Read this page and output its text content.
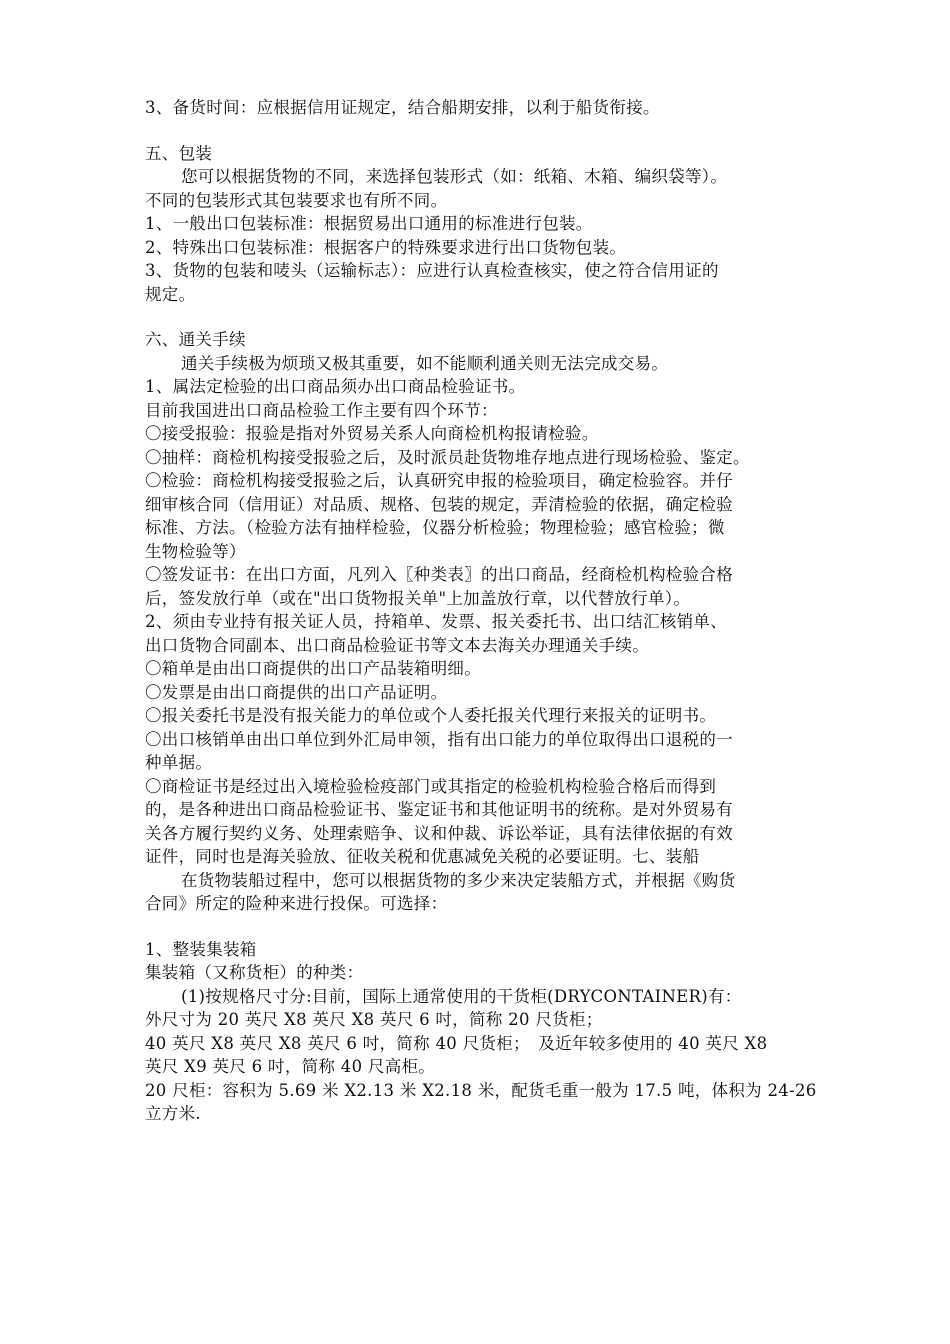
3、备货时间：应根据信用证规定，结合船期安排，以利于船货衔接。
五、包装
您可以根据货物的不同，来选择包装形式（如：纸箱、木箱、编织袋等）。
不同的包装形式其包装要求也有所不同。
1、一般出口包装标准：根据贸易出口通用的标准进行包装。
2、特殊出口包装标准：根据客户的特殊要求进行出口货物包装。
3、货物的包装和唛头（运输标志）：应进行认真检查核实，使之符合信用证的
规定。
六、通关手续
通关手续极为烦琐又极其重要，如不能顺利通关则无法完成交易。
1、属法定检验的出口商品须办出口商品检验证书。
目前我国进出口商品检验工作主要有四个环节：
〇接受报验：报验是指对外贸易关系人向商检机构报请检验。
〇抽样：商检机构接受报验之后，及时派员赴货物堆存地点进行现场检验、鉴定。
〇检验：商检机构接受报验之后，认真研究申报的检验项目，确定检验容。并仔
细审核合同（信用证）对品质、规格、包装的规定，弄清检验的依据，确定检验
标准、方法。（检验方法有抽样检验，仪器分析检验；物理检验；感官检验；微
生物检验等）
〇签发证书：在出口方面，凡列入〖种类表〗的出口商品，经商检机构检验合格
后，签发放行单（或在"出口货物报关单"上加盖放行章，以代替放行单）。
2、须由专业持有报关证人员，持箱单、发票、报关委托书、出口结汇核销单、
出口货物合同副本、出口商品检验证书等文本去海关办理通关手续。
〇箱单是由出口商提供的出口产品装箱明细。
〇发票是由出口商提供的出口产品证明。
〇报关委托书是没有报关能力的单位或个人委托报关代理行来报关的证明书。
〇出口核销单由出口单位到外汇局申领，指有出口能力的单位取得出口退税的一
种单据。
〇商检证书是经过出入境检验检疫部门或其指定的检验机构检验合格后而得到
的，是各种进出口商品检验证书、鉴定证书和其他证明书的统称。是对外贸易有
关各方履行契约义务、处理索赔争、议和仲裁、诉讼举证，具有法律依据的有效
证件，同时也是海关验放、征收关税和优惠减免关税的必要证明。七、装船
在货物装船过程中，您可以根据货物的多少来决定装船方式，并根据《购货
合同》所定的险种来进行投保。可选择：
1、整装集装箱
集装箱（又称货柜）的种类：
(1)按规格尺寸分:目前，国际上通常使用的干货柜(DRYCONTAINER)有：
外尺寸为 20 英尺 X8 英尺 X8 英尺 6 吋，简称 20 尺货柜；
40 英尺 X8 英尺 X8 英尺 6 吋，简称 40 尺货柜；　及近年较多使用的 40 英尺 X8
英尺 X9 英尺 6 吋，简称 40 尺高柜。
20 尺柜：容积为 5.69 米 X2.13 米 X2.18 米，配货毛重一般为 17.5 吨，体积为 24-26
立方米.
